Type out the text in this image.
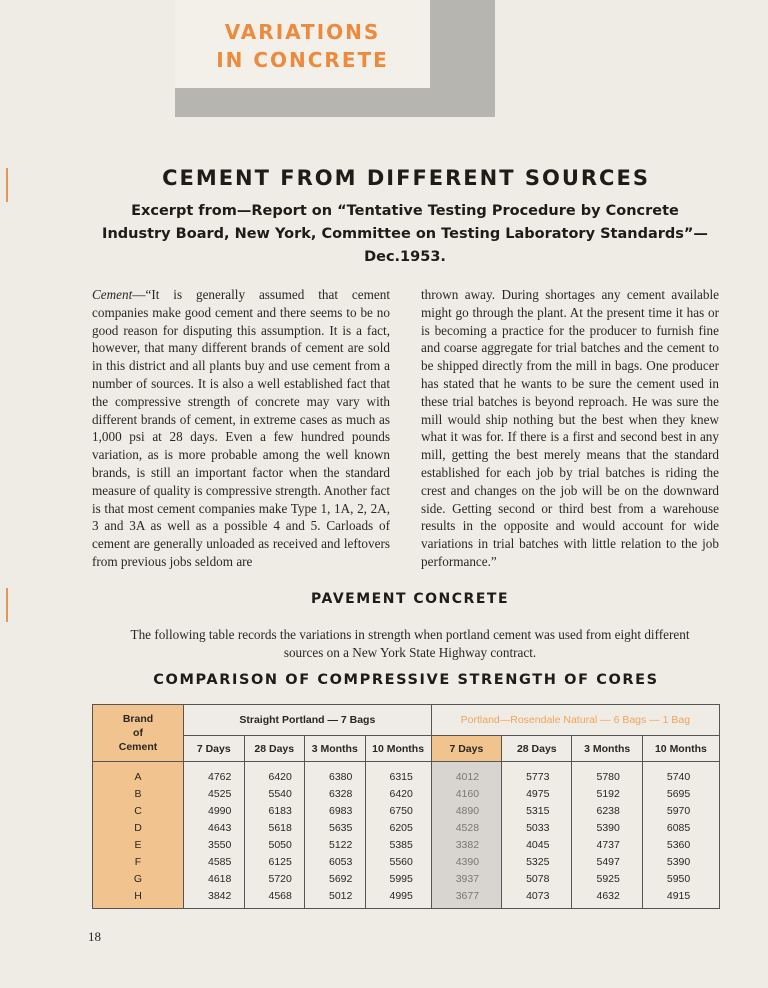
VARIATIONS
IN CONCRETE
CEMENT FROM DIFFERENT SOURCES
Excerpt from—Report on “Tentative Testing Procedure by Concrete Industry Board, New York, Committee on Testing Laboratory Standards”—Dec.1953.
Cement—“It is generally assumed that cement companies make good cement and there seems to be no good reason for disputing this assumption. It is a fact, however, that many different brands of cement are sold in this district and all plants buy and use cement from a number of sources. It is also a well established fact that the compressive strength of concrete may vary with different brands of cement, in extreme cases as much as 1,000 psi at 28 days. Even a few hundred pounds variation, as is more probable among the well known brands, is still an important factor when the standard measure of quality is compressive strength. Another fact is that most cement companies make Type 1, 1A, 2, 2A, 3 and 3A as well as a possible 4 and 5. Carloads of cement are generally unloaded as received and leftovers from previous jobs seldom are
thrown away. During shortages any cement available might go through the plant. At the present time it has or is becoming a practice for the producer to furnish fine and coarse aggregate for trial batches and the cement to be shipped directly from the mill in bags. One producer has stated that he wants to be sure the cement used in these trial batches is beyond reproach. He was sure the mill would ship nothing but the best when they knew what it was for. If there is a first and second best in any mill, getting the best merely means that the standard established for each job by trial batches is riding the crest and changes on the job will be on the downward side. Getting second or third best from a warehouse results in the opposite and would account for wide variations in trial batches with little relation to the job performance.”
PAVEMENT CONCRETE
The following table records the variations in strength when portland cement was used from eight different sources on a New York State Highway contract.
COMPARISON OF COMPRESSIVE STRENGTH OF CORES
Brand
of
Cement	Straight Portland — 7 Bags				Portland—Rosendale Natural — 6 Bags — 1 Bag			
	7 Days	28 Days	3 Months	10 Months	7 Days	28 Days	3 Months	10 Months
A	4762	6420	6380	6315	4012	5773	5780	5740
B	4525	5540	6328	6420	4160	4975	5192	5695
C	4990	6183	6983	6750	4890	5315	6238	5970
D	4643	5618	5635	6205	4528	5033	5390	6085
E	3550	5050	5122	5385	3382	4045	4737	5360
F	4585	6125	6053	5560	4390	5325	5497	5390
G	4618	5720	5692	5995	3937	5078	5925	5950
H	3842	4568	5012	4995	3677	4073	4632	4915
18
